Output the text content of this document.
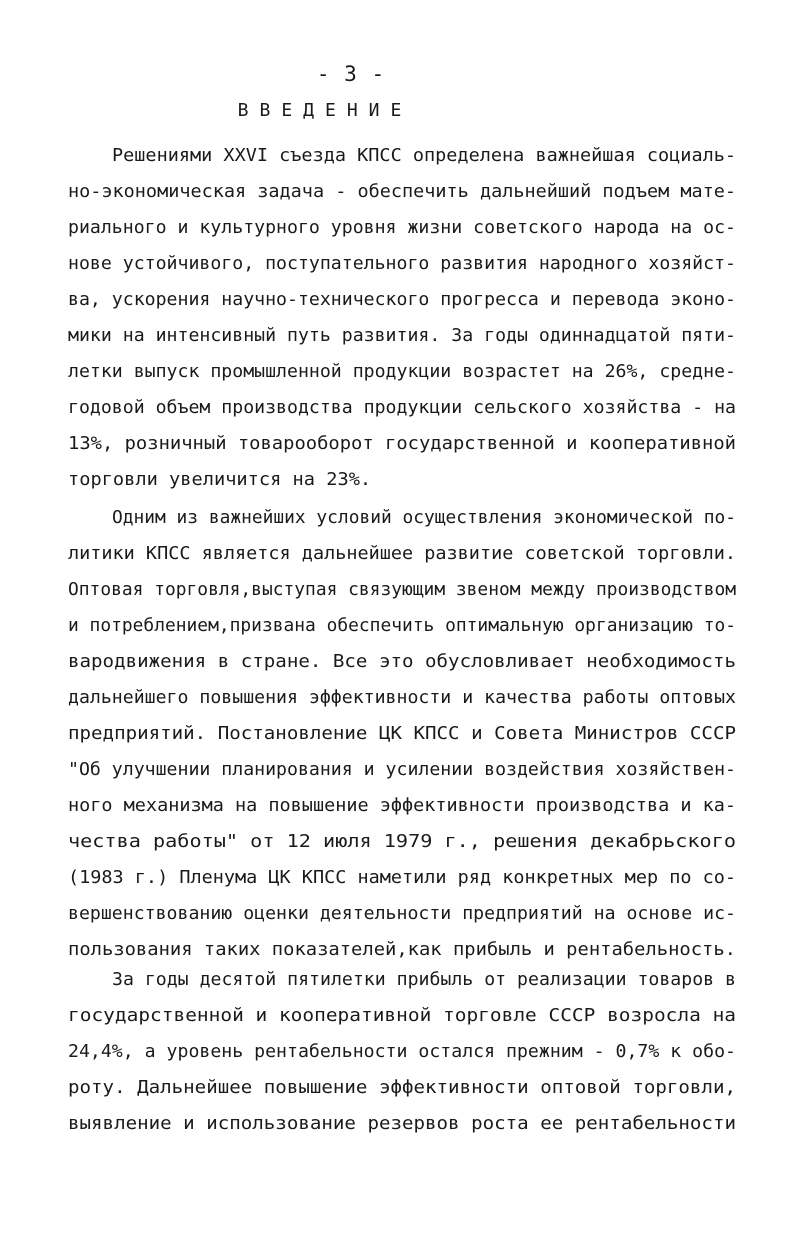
- 3 -
ВВЕДЕНИЕ
Решениями XXVI съезда КПСС определена важнейшая социаль-
но-экономическая задача - обеспечить дальнейший подъем мате-
риального и культурного уровня жизни советского народа на ос-
нове устойчивого, поступательного развития народного хозяйст-
ва, ускорения научно-технического прогресса и перевода эконо-
мики на интенсивный путь развития. За годы одиннадцатой пяти-
летки выпуск промышленной продукции возрастет на 26%, средне-
годовой объем производства продукции сельского хозяйства - на
13%, розничный товарооборот государственной и кооперативной
торговли увеличится на 23%.
Одним из важнейших условий осуществления экономической по-
литики КПСС является дальнейшее развитие советской торговли.
Оптовая торговля,выступая связующим звеном между производством
и потреблением,призвана обеспечить оптимальную организацию то-
вародвижения в стране. Все это обусловливает необходимость
дальнейшего повышения эффективности и качества работы оптовых
предприятий. Постановление ЦК КПСС и Совета Министров СССР
"Об улучшении планирования и усилении воздействия хозяйствен-
ного механизма на повышение эффективности производства и ка-
чества работы" от 12 июля 1979 г., решения декабрьского
(1983 г.) Пленума ЦК КПСС наметили ряд конкретных мер по со-
вершенствованию оценки деятельности предприятий на основе ис-
пользования таких показателей,как прибыль и рентабельность.
За годы десятой пятилетки прибыль от реализации товаров в
государственной и кооперативной торговле СССР возросла на
24,4%, а уровень рентабельности остался прежним - 0,7% к обо-
роту. Дальнейшее повышение эффективности оптовой торговли,
выявление и использование резервов роста ее рентабельности
